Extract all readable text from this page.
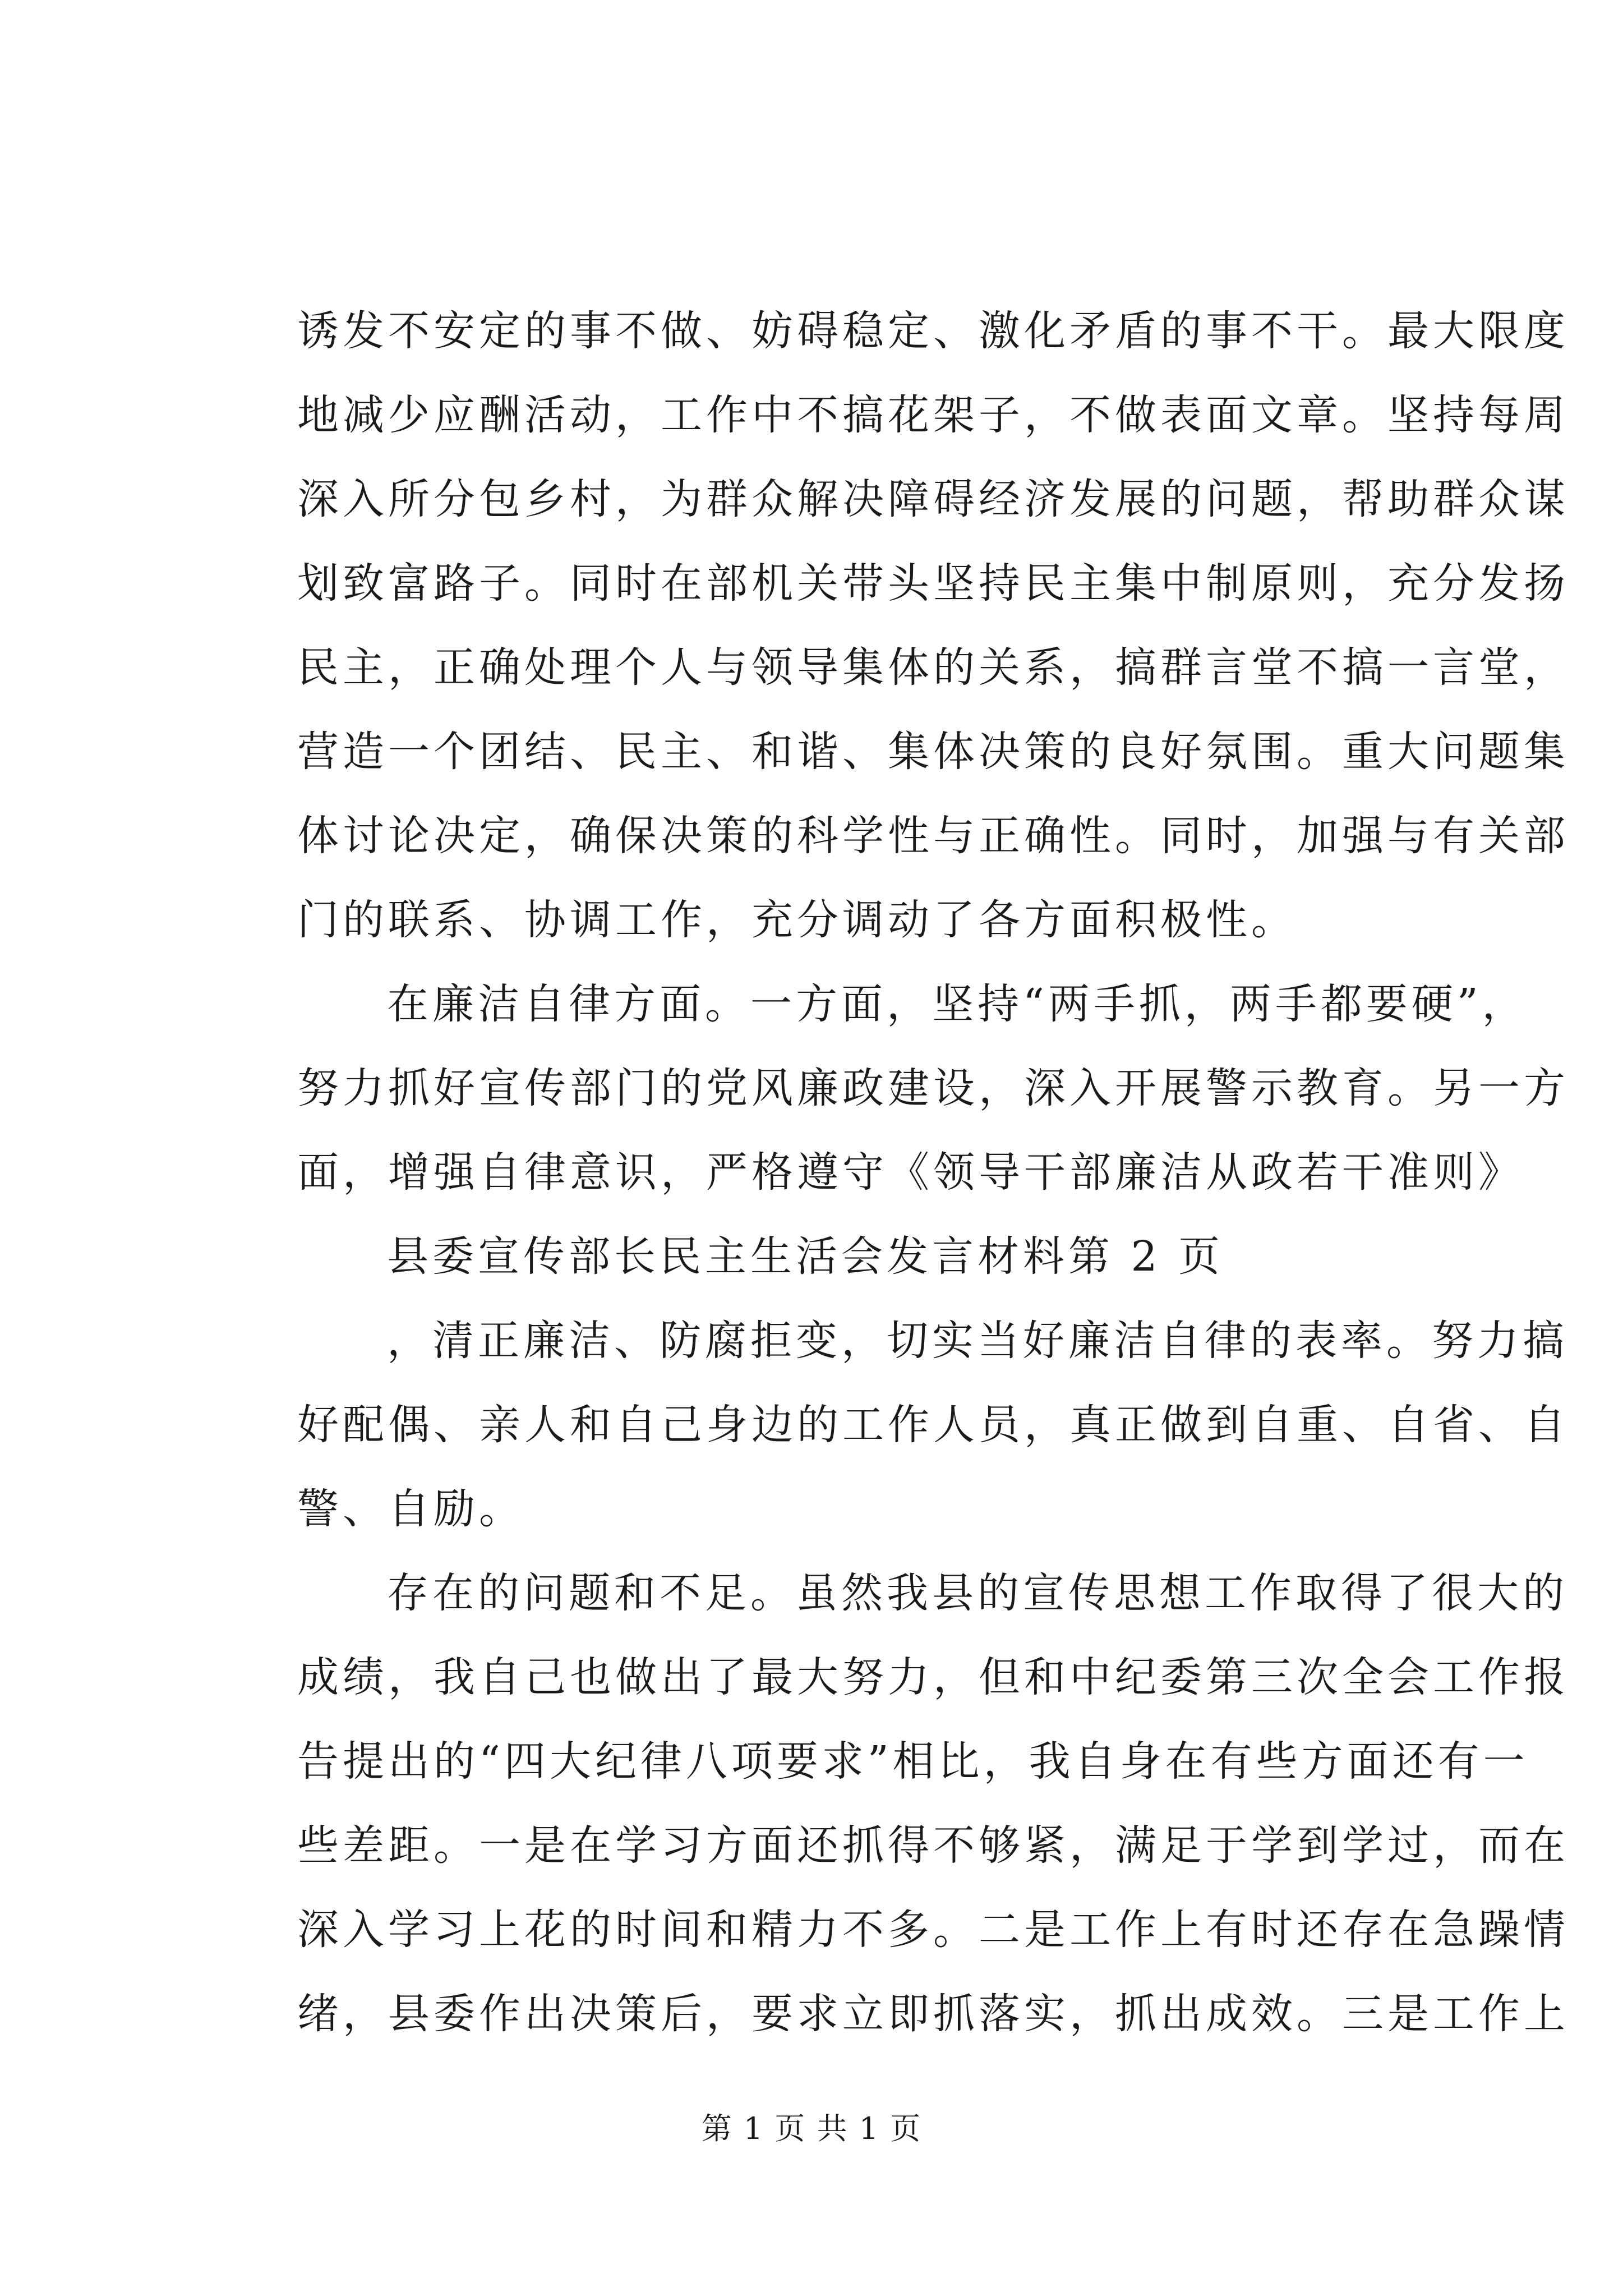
诱发不安定的事不做、妨碍稳定、激化矛盾的事不干。最大限度
地减少应酬活动，工作中不搞花架子，不做表面文章。坚持每周
深入所分包乡村，为群众解决障碍经济发展的问题，帮助群众谋
划致富路子。同时在部机关带头坚持民主集中制原则，充分发扬
民主，正确处理个人与领导集体的关系，搞群言堂不搞一言堂，
营造一个团结、民主、和谐、集体决策的良好氛围。重大问题集
体讨论决定，确保决策的科学性与正确性。同时，加强与有关部
门的联系、协调工作，充分调动了各方面积极性。
在廉洁自律方面。一方面，坚持“两手抓，两手都要硬”，
努力抓好宣传部门的党风廉政建设，深入开展警示教育。另一方
面，增强自律意识，严格遵守《领导干部廉洁从政若干准则》
县委宣传部长民主生活会发言材料第 2 页
，清正廉洁、防腐拒变，切实当好廉洁自律的表率。努力搞
好配偶、亲人和自己身边的工作人员，真正做到自重、自省、自
警、自励。
存在的问题和不足。虽然我县的宣传思想工作取得了很大的
成绩，我自己也做出了最大努力，但和中纪委第三次全会工作报
告提出的“四大纪律八项要求”相比，我自身在有些方面还有一
些差距。一是在学习方面还抓得不够紧，满足于学到学过，而在
深入学习上花的时间和精力不多。二是工作上有时还存在急躁情
绪，县委作出决策后，要求立即抓落实，抓出成效。三是工作上
第 1 页 共 1 页
